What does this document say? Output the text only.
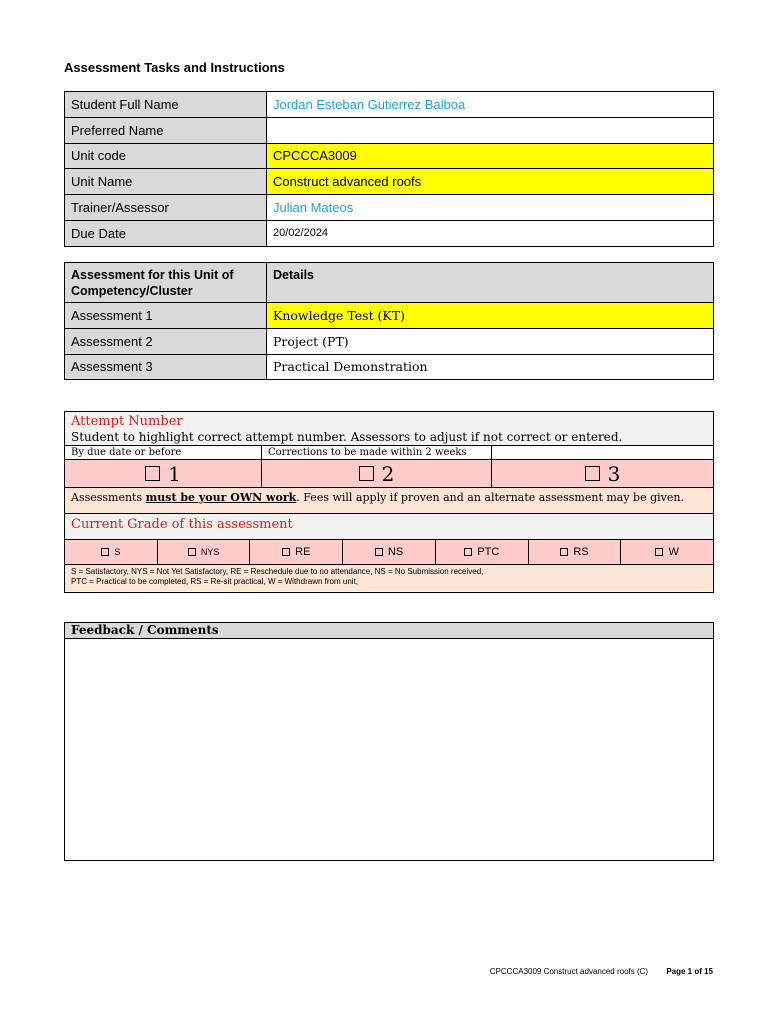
Assessment Tasks and Instructions
Student Full Name	Jordan Esteban Gutierrez Balboa
Preferred Name	
Unit code	CPCCCA3009
Unit Name	Construct advanced roofs
Trainer/Assessor	Julian Mateos
Due Date	20/02/2024
Assessment for this Unit of Competency/Cluster	Details
Assessment 1	Knowledge Test (KT)
Assessment 2	Project (PT)
Assessment 3	Practical Demonstration
Attempt Number
Student to highlight correct attempt number. Assessors to adjust if not correct or entered.
By due date or before	Corrections to be made within 2 weeks
1	2	3
Assessments must be your OWN work. Fees will apply if proven and an alternate assessment may be given.
Current Grade of this assessment
S	NYS	RE	NS	PTC	RS	W
S = Satisfactory, NYS = Not Yet Satisfactory, RE = Reschedule due to no attendance, NS = No Submission received,
PTC = Practical to be completed, RS = Re-sit practical, W = Withdrawn from unit,
Feedback / Comments
CPCCCA3009 Construct advanced roofs (C) Page 1 of 15
